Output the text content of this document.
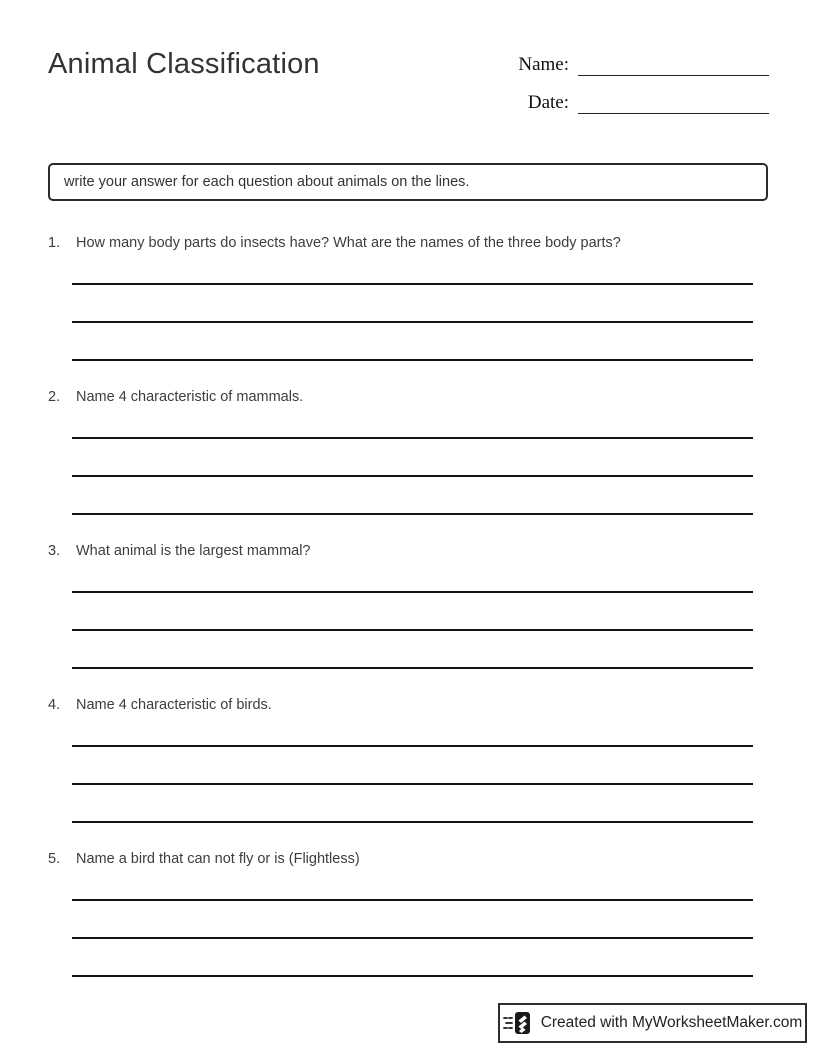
Animal Classification	Name:
Date:
write your answer for each question about animals on the lines.
1.	How many body parts do insects have? What are the names of the three body parts?
2.	Name 4 characteristic of mammals.
3.	What animal is the largest mammal?
4.	Name 4 characteristic of birds.
5.	Name a bird that can not fly or is (Flightless)
Created with MyWorksheetMaker.com
